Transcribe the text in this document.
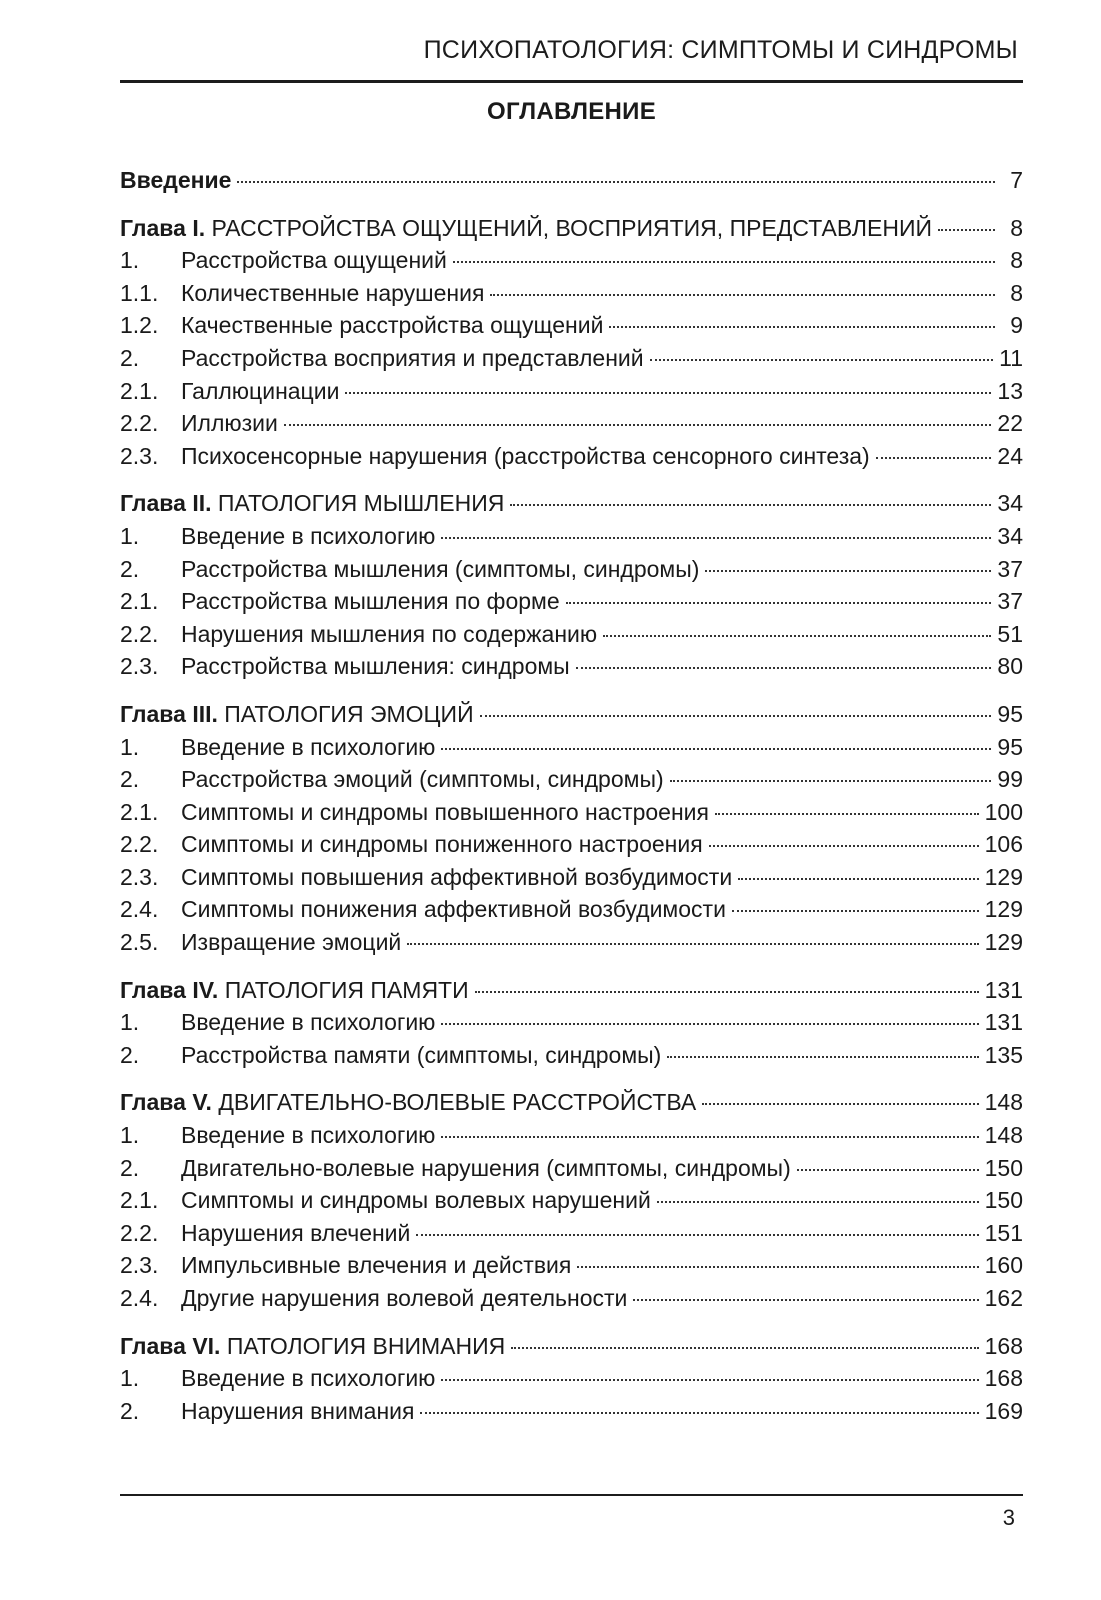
ПСИХОПАТОЛОГИЯ: СИМПТОМЫ И СИНДРОМЫ
ОГЛАВЛЕНИЕ
Введение	7
Глава I. РАССТРОЙСТВА ОЩУЩЕНИЙ, ВОСПРИЯТИЯ, ПРЕДСТАВЛЕНИЙ	8
1.	Расстройства ощущений	8
1.1. Количественные нарушения	8
1.2. Качественные расстройства ощущений	9
2.	Расстройства восприятия и представлений	11
2.1. Галлюцинации	13
2.2. Иллюзии	22
2.3. Психосенсорные нарушения (расстройства сенсорного синтеза)	24
Глава II. ПАТОЛОГИЯ МЫШЛЕНИЯ	34
1.	Введение в психологию	34
2.	Расстройства мышления (симптомы, синдромы)	37
2.1. Расстройства мышления по форме	37
2.2. Нарушения мышления по содержанию	51
2.3. Расстройства мышления: синдромы	80
Глава III. ПАТОЛОГИЯ ЭМОЦИЙ	95
1.	Введение в психологию	95
2.	Расстройства эмоций (симптомы, синдромы)	99
2.1. Симптомы и синдромы повышенного настроения	100
2.2. Симптомы и синдромы пониженного настроения	106
2.3. Симптомы повышения аффективной возбудимости	129
2.4. Симптомы понижения аффективной возбудимости	129
2.5. Извращение эмоций	129
Глава IV. ПАТОЛОГИЯ ПАМЯТИ	131
1.	Введение в психологию	131
2.	Расстройства памяти (симптомы, синдромы)	135
Глава V. ДВИГАТЕЛЬНО-ВОЛЕВЫЕ РАССТРОЙСТВА	148
1.	Введение в психологию	148
2.	Двигательно-волевые нарушения (симптомы, синдромы)	150
2.1. Симптомы и синдромы волевых нарушений	150
2.2. Нарушения влечений	151
2.3. Импульсивные влечения и действия	160
2.4. Другие нарушения волевой деятельности	162
Глава VI. ПАТОЛОГИЯ ВНИМАНИЯ	168
1.	Введение в психологию	168
2.	Нарушения внимания	169
3
